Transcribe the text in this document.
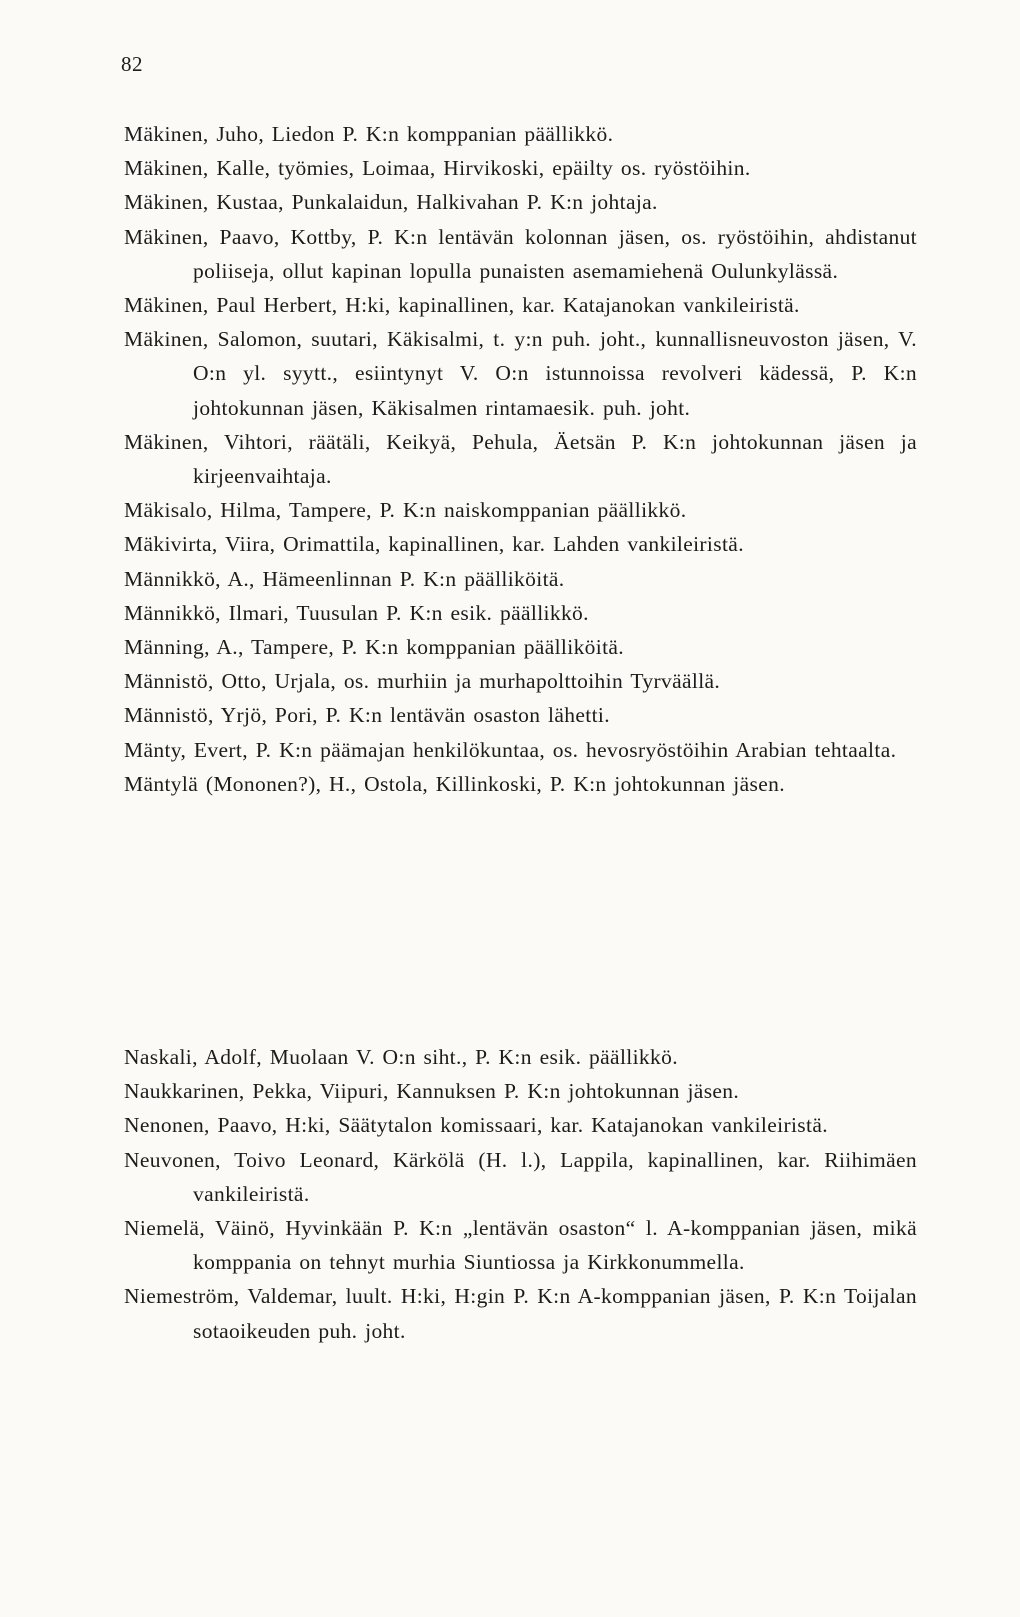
82
Mäkinen, Juho, Liedon P. K:n komppanian päällikkö.
Mäkinen, Kalle, työmies, Loimaa, Hirvikoski, epäilty os. ryöstöihin.
Mäkinen, Kustaa, Punkalaidun, Halkivahan P. K:n johtaja.
Mäkinen, Paavo, Kottby, P. K:n lentävän kolonnan jäsen, os. ryöstöihin, ahdistanut poliiseja, ollut kapinan lopulla punaisten asemamiehenä Oulunkylässä.
Mäkinen, Paul Herbert, H:ki, kapinallinen, kar. Katajanokan vankileiristä.
Mäkinen, Salomon, suutari, Käkisalmi, t. y:n puh. joht., kunnallisneuvoston jäsen, V. O:n yl. syytt., esiintynyt V. O:n istunnoissa revolveri kädessä, P. K:n johtokunnan jäsen, Käkisalmen rintamaesik. puh. joht.
Mäkinen, Vihtori, räätäli, Keikyä, Pehula, Äetsän P. K:n johtokunnan jäsen ja kirjeenvaihtaja.
Mäkisalo, Hilma, Tampere, P. K:n naiskomppanian päällikkö.
Mäkivirta, Viira, Orimattila, kapinallinen, kar. Lahden vankileiristä.
Männikkö, A., Hämeenlinnan P. K:n päälliköitä.
Männikkö, Ilmari, Tuusulan P. K:n esik. päällikkö.
Männing, A., Tampere, P. K:n komppanian päälliköitä.
Männistö, Otto, Urjala, os. murhiin ja murhapolttoihin Tyrväällä.
Männistö, Yrjö, Pori, P. K:n lentävän osaston lähetti.
Mänty, Evert, P. K:n päämajan henkilökuntaa, os. hevosryöstöihin Arabian tehtaalta.
Mäntylä (Mononen?), H., Ostola, Killinkoski, P. K:n johtokunnan jäsen.
Naskali, Adolf, Muolaan V. O:n siht., P. K:n esik. päällikkö.
Naukkarinen, Pekka, Viipuri, Kannuksen P. K:n johtokunnan jäsen.
Nenonen, Paavo, H:ki, Säätytalon komissaari, kar. Katajanokan vankileiristä.
Neuvonen, Toivo Leonard, Kärkölä (H. l.), Lappila, kapinallinen, kar. Riihimäen vankileiristä.
Niemelä, Väinö, Hyvinkään P. K:n „lentävän osaston“ l. A-komppanian jäsen, mikä komppania on tehnyt murhia Siuntiossa ja Kirkkonummella.
Niemeström, Valdemar, luult. H:ki, H:gin P. K:n A-komppanian jäsen, P. K:n Toijalan sotaoikeuden puh. joht.
